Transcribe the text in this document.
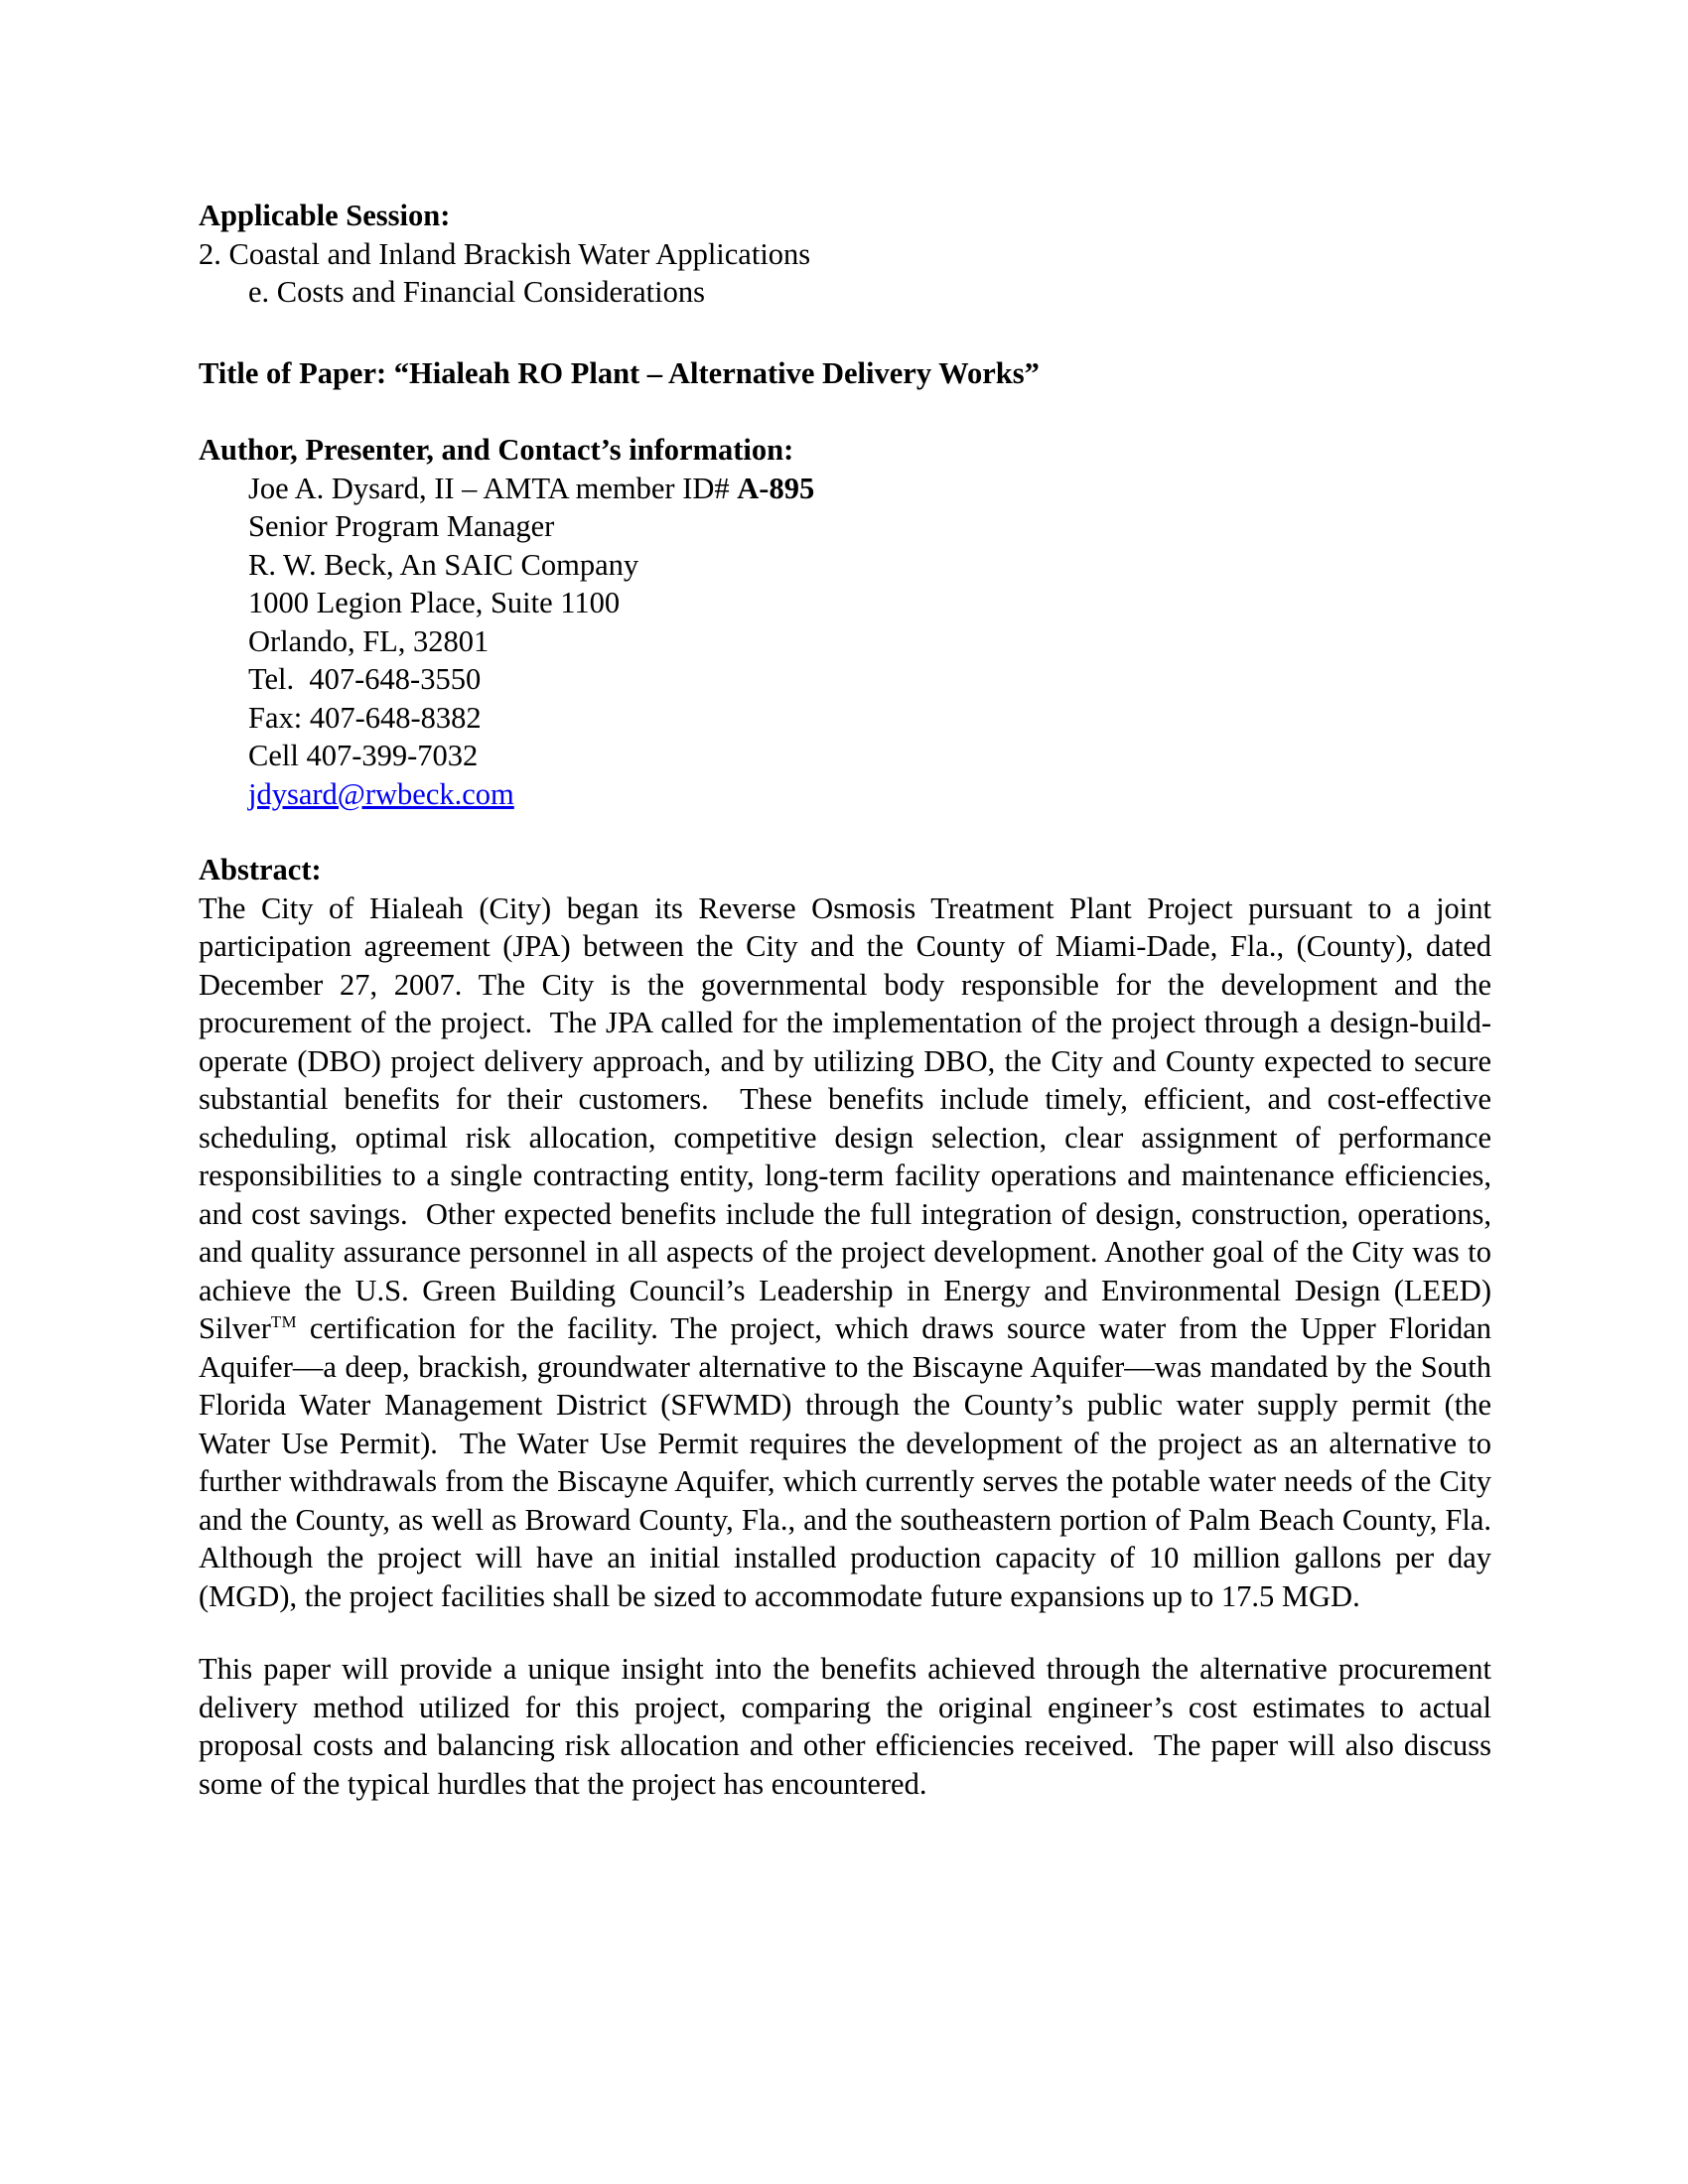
Applicable Session:

2. Coastal and Inland Brackish Water Applications

e. Costs and Financial Considerations

Title of Paper: “Hialeah RO Plant – Alternative Delivery Works”

Author, Presenter, and Contact’s information:

Joe A. Dysard, II – AMTA member ID# A-895

Senior Program Manager

R. W. Beck, An SAIC Company

1000 Legion Place, Suite 1100

Orlando, FL, 32801

Tel.  407-648-3550

Fax: 407-648-8382

Cell 407-399-7032

jdysard@rwbeck.com

Abstract:

The City of Hialeah (City) began its Reverse Osmosis Treatment Plant Project pursuant to a joint participation agreement (JPA) between the City and the County of Miami-Dade, Fla., (County), dated December 27, 2007. The City is the governmental body responsible for the development and the procurement of the project.  The JPA called for the implementation of the project through a design-build-operate (DBO) project delivery approach, and by utilizing DBO, the City and County expected to secure substantial benefits for their customers.  These benefits include timely, efficient, and cost-effective scheduling, optimal risk allocation, competitive design selection, clear assignment of performance responsibilities to a single contracting entity, long-term facility operations and maintenance efficiencies, and cost savings.  Other expected benefits include the full integration of design, construction, operations, and quality assurance personnel in all aspects of the project development. Another goal of the City was to achieve the U.S. Green Building Council’s Leadership in Energy and Environmental Design (LEED) Silver™ certification for the facility. The project, which draws source water from the Upper Floridan Aquifer—a deep, brackish, groundwater alternative to the Biscayne Aquifer—was mandated by the South Florida Water Management District (SFWMD) through the County’s public water supply permit (the Water Use Permit).  The Water Use Permit requires the development of the project as an alternative to further withdrawals from the Biscayne Aquifer, which currently serves the potable water needs of the City and the County, as well as Broward County, Fla., and the southeastern portion of Palm Beach County, Fla.  Although the project will have an initial installed production capacity of 10 million gallons per day (MGD), the project facilities shall be sized to accommodate future expansions up to 17.5 MGD.

This paper will provide a unique insight into the benefits achieved through the alternative procurement delivery method utilized for this project, comparing the original engineer’s cost estimates to actual proposal costs and balancing risk allocation and other efficiencies received.  The paper will also discuss some of the typical hurdles that the project has encountered.
